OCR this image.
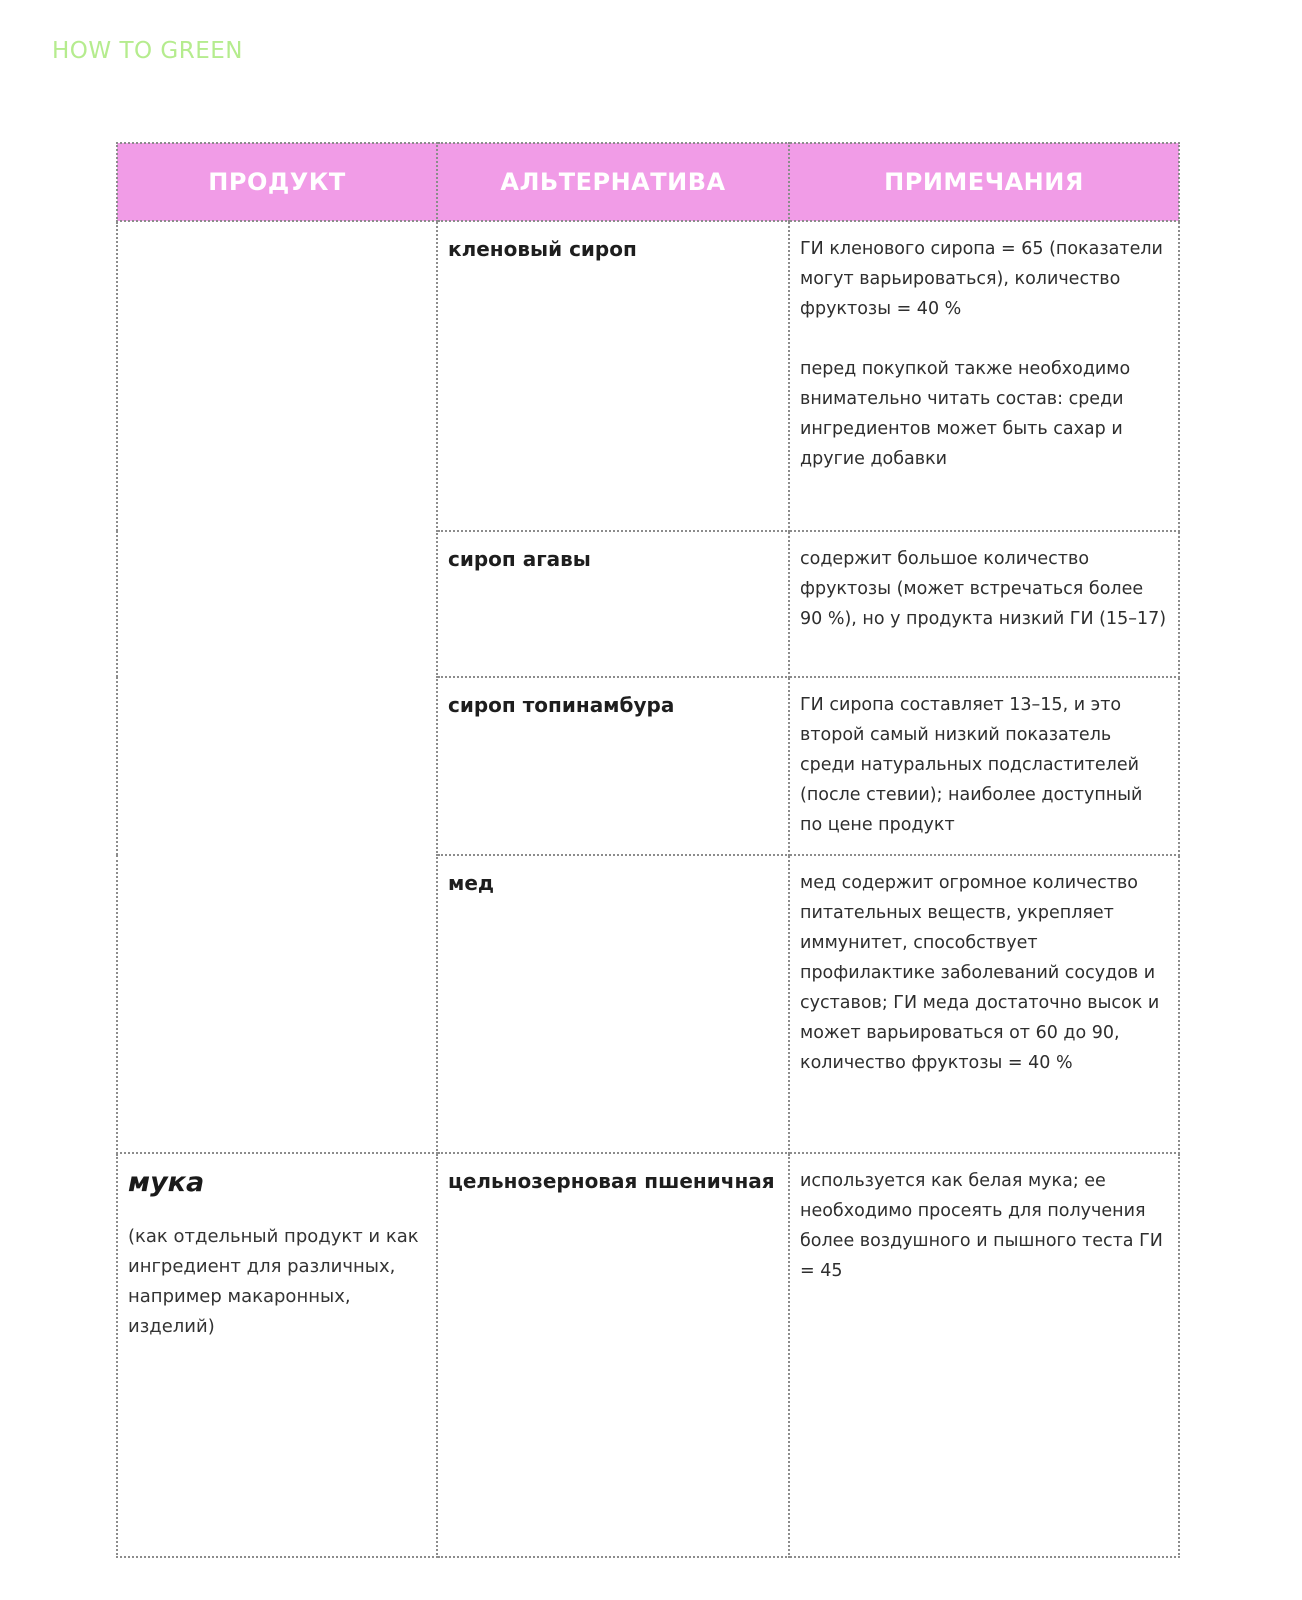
HOW TO GREEN
ПРОДУКТ	АЛЬТЕРНАТИВА	ПРИМЕЧАНИЯ

	кленовый сироп	ГИ кленового сиропа = 65 (показатели могут варьироваться), количество фруктозы = 40 %

перед покупкой также необходимо внимательно читать состав: среди ингредиентов может быть сахар и другие добавки

	сироп агавы	содержит большое количество фруктозы (может встречаться более 90 %), но у продукта низкий ГИ (15–17)

	сироп топинамбура	ГИ сиропа составляет 13–15, и это второй самый низкий показатель среди натуральных подсластителей (после стевии); наиболее доступный по цене продукт

	мед	мед содержит огромное количество питательных веществ, укрепляет иммунитет, способствует профилактике заболеваний сосудов и суставов; ГИ меда достаточно высок и может варьироваться от 60 до 90, количество фруктозы = 40 %

мука
(как отдельный продукт и как ингредиент для различных, например макаронных, изделий)	цельнозерновая пшеничная	используется как белая мука; ее необходимо просеять для получения более воздушного и пышного теста ГИ = 45
